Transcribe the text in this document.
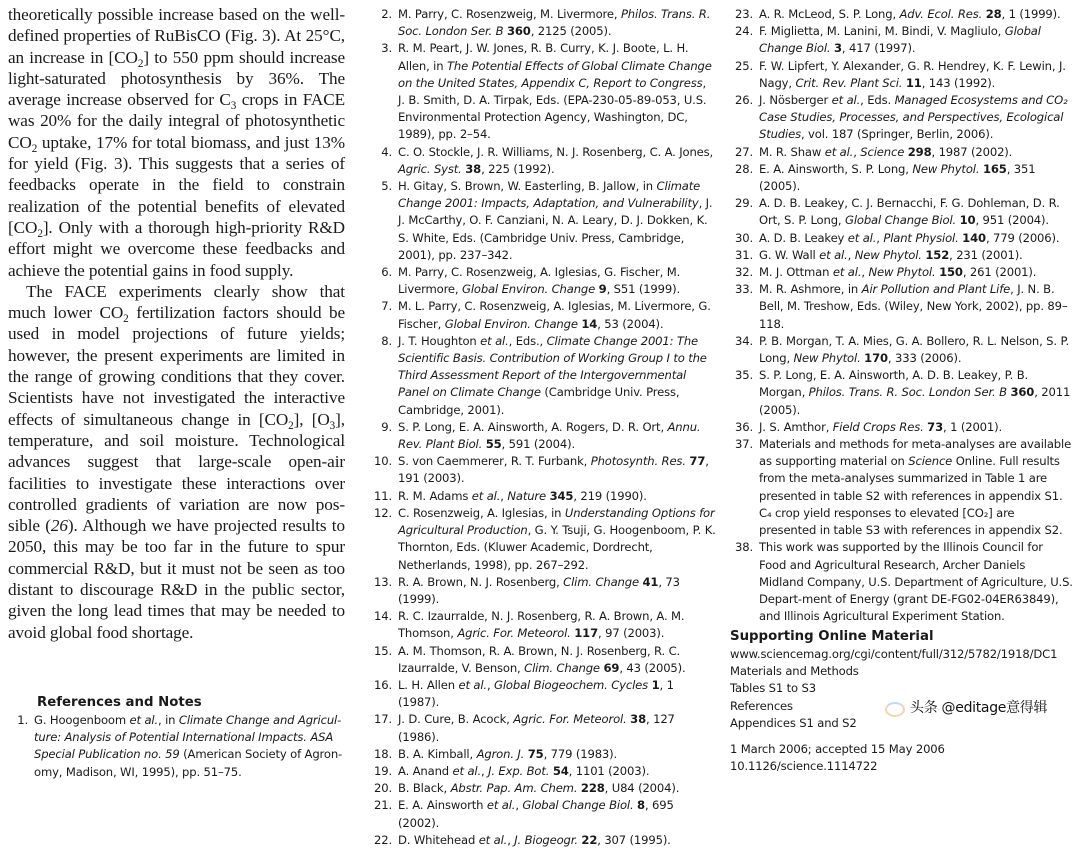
theoretically possible increase based on the well-defined properties of RuBisCO (Fig. 3). At 25°C, an increase in $[CO_2]$ to 550 ppm should increase light-saturated photosynthesis by 36%. The average increase observed for $C_3$ crops in FACE was 20% for the daily integral of photosynthetic $CO_2$ uptake, 17% for total biomass, and just 13% for yield (Fig. 3). This suggests that a series of feedbacks operate in the field to constrain realization of the potential benefits of elevated $[CO_2]$. Only with a thorough high-priority R&D effort might we overcome these feedbacks and achieve the potential gains in food supply.

The FACE experiments clearly show that much lower $CO_2$ fertilization factors should be used in model projections of future yields; however, the present experiments are limited in the range of growing conditions that they cover. Scientists have not investigated the interactive effects of simultaneous change in $[CO_2]$, $[O_3]$, temperature, and soil moisture. Technological advances suggest that large-scale open-air facilities to investigate these interactions over controlled gradients of variation are now pos-sible (26). Although we have projected results to 2050, this may be too far in the future to spur commercial R&D, but it must not be seen as too distant to discourage R&D in the public sector, given the long lead times that may be needed to avoid global food shortage.

References and Notes

1. G. Hoogenboom et al., in Climate Change and Agricul-ture: Analysis of Potential International Impacts. ASA Special Publication no. 59 (American Society of Agron-omy, Madison, WI, 1995), pp. 51–75.

2. M. Parry, C. Rosenzweig, M. Livermore, Philos. Trans. R. Soc. London Ser. B 360, 2125 (2005).

3. R. M. Peart, J. W. Jones, R. B. Curry, K. J. Boote, L. H. Allen, in The Potential Effects of Global Climate Change on the United States, Appendix C, Report to Congress, J. B. Smith, D. A. Tirpak, Eds. (EPA-230-05-89-053, U.S. Environmental Protection Agency, Washington, DC, 1989), pp. 2–54.

4. C. O. Stockle, J. R. Williams, N. J. Rosenberg, C. A. Jones, Agric. Syst. 38, 225 (1992).

5. H. Gitay, S. Brown, W. Easterling, B. Jallow, in Climate Change 2001: Impacts, Adaptation, and Vulnerability, J. J. McCarthy, O. F. Canziani, N. A. Leary, D. J. Dokken, K. S. White, Eds. (Cambridge Univ. Press, Cambridge, 2001), pp. 237–342.

6. M. Parry, C. Rosenzweig, A. Iglesias, G. Fischer, M. Livermore, Global Environ. Change 9, S51 (1999).

7. M. L. Parry, C. Rosenzweig, A. Iglesias, M. Livermore, G. Fischer, Global Environ. Change 14, 53 (2004).

8. J. T. Houghton et al., Eds., Climate Change 2001: The Scientific Basis. Contribution of Working Group I to the Third Assessment Report of the Intergovernmental Panel on Climate Change (Cambridge Univ. Press, Cambridge, 2001).

9. S. P. Long, E. A. Ainsworth, A. Rogers, D. R. Ort, Annu. Rev. Plant Biol. 55, 591 (2004).

10. S. von Caemmerer, R. T. Furbank, Photosynth. Res. 77, 191 (2003).

11. R. M. Adams et al., Nature 345, 219 (1990).

12. C. Rosenzweig, A. Iglesias, in Understanding Options for Agricultural Production, G. Y. Tsuji, G. Hoogenboom, P. K. Thornton, Eds. (Kluwer Academic, Dordrecht, Netherlands, 1998), pp. 267–292.

13. R. A. Brown, N. J. Rosenberg, Clim. Change 41, 73 (1999).

14. R. C. Izaurralde, N. J. Rosenberg, R. A. Brown, A. M. Thomson, Agric. For. Meteorol. 117, 97 (2003).

15. A. M. Thomson, R. A. Brown, N. J. Rosenberg, R. C. Izaurralde, V. Benson, Clim. Change 69, 43 (2005).

16. L. H. Allen et al., Global Biogeochem. Cycles 1, 1 (1987).

17. J. D. Cure, B. Acock, Agric. For. Meteorol. 38, 127 (1986).

18. B. A. Kimball, Agron. J. 75, 779 (1983).

19. A. Anand et al., J. Exp. Bot. 54, 1101 (2003).

20. B. Black, Abstr. Pap. Am. Chem. 228, U84 (2004).

21. E. A. Ainsworth et al., Global Change Biol. 8, 695 (2002).

22. D. Whitehead et al., J. Biogeogr. 22, 307 (1995).

23. A. R. McLeod, S. P. Long, Adv. Ecol. Res. 28, 1 (1999).

24. F. Miglietta, M. Lanini, M. Bindi, V. Magliulo, Global Change Biol. 3, 417 (1997).

25. F. W. Lipfert, Y. Alexander, G. R. Hendrey, K. F. Lewin, J. Nagy, Crit. Rev. Plant Sci. 11, 143 (1992).

26. J. Nösberger et al., Eds. Managed Ecosystems and CO₂ Case Studies, Processes, and Perspectives, Ecological Studies, vol. 187 (Springer, Berlin, 2006).

27. M. R. Shaw et al., Science 298, 1987 (2002).

28. E. A. Ainsworth, S. P. Long, New Phytol. 165, 351 (2005).

29. A. D. B. Leakey, C. J. Bernacchi, F. G. Dohleman, D. R. Ort, S. P. Long, Global Change Biol. 10, 951 (2004).

30. A. D. B. Leakey et al., Plant Physiol. 140, 779 (2006).

31. G. W. Wall et al., New Phytol. 152, 231 (2001).

32. M. J. Ottman et al., New Phytol. 150, 261 (2001).

33. M. R. Ashmore, in Air Pollution and Plant Life, J. N. B. Bell, M. Treshow, Eds. (Wiley, New York, 2002), pp. 89–118.

34. P. B. Morgan, T. A. Mies, G. A. Bollero, R. L. Nelson, S. P. Long, New Phytol. 170, 333 (2006).

35. S. P. Long, E. A. Ainsworth, A. D. B. Leakey, P. B. Morgan, Philos. Trans. R. Soc. London Ser. B 360, 2011 (2005).

36. J. S. Amthor, Field Crops Res. 73, 1 (2001).

37. Materials and methods for meta-analyses are available as supporting material on Science Online. Full results from the meta-analyses summarized in Table 1 are presented in table S2 with references in appendix S1. C₄ crop yield responses to elevated [CO₂] are presented in table S3 with references in appendix S2.

38. This work was supported by the Illinois Council for Food and Agricultural Research, Archer Daniels Midland Company, U.S. Department of Agriculture, U.S. Depart-ment of Energy (grant DE-FG02-04ER63849), and Illinois Agricultural Experiment Station.

Supporting Online Material
www.sciencemag.org/cgi/content/full/312/5782/1918/DC1
Materials and Methods
Tables S1 to S3
References
Appendices S1 and S2
1 March 2006; accepted 15 May 2006
10.1126/science.1114722
头条 @editage意得辑
